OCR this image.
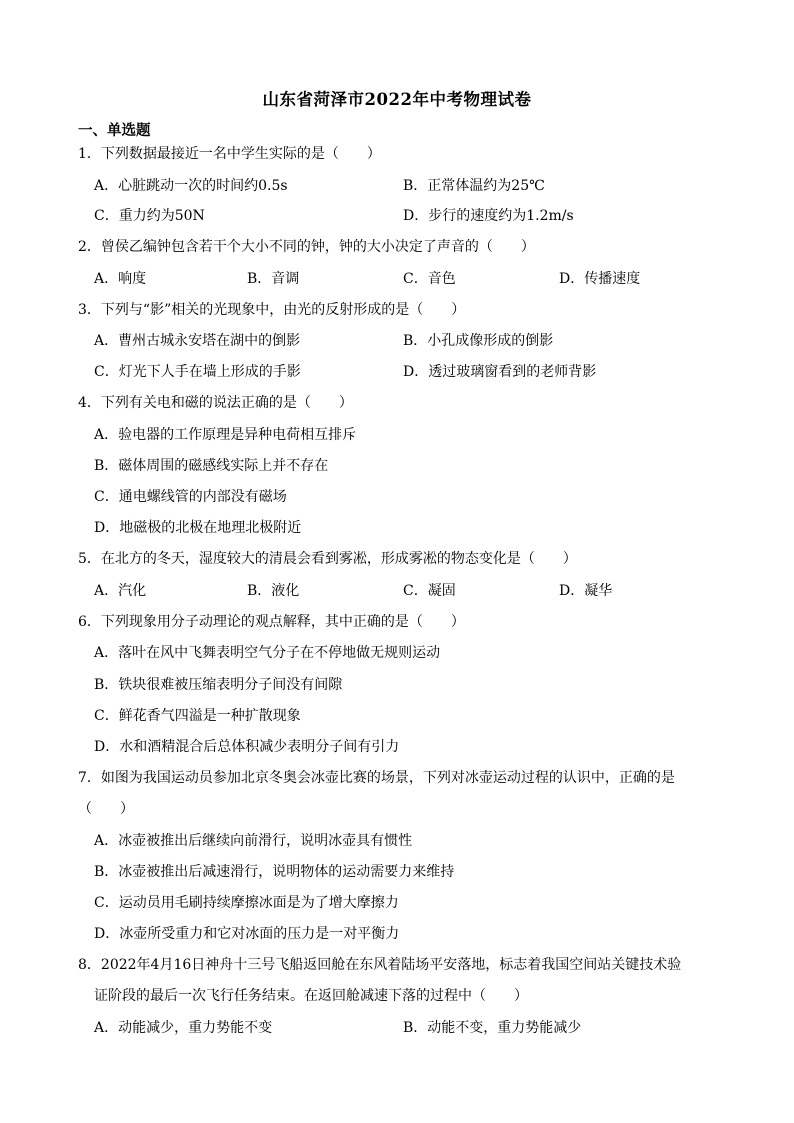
山东省菏泽市2022年中考物理试卷
一、单选题
1．下列数据最接近一名中学生实际的是（　　）
A．心脏跳动一次的时间约0.5s	B．正常体温约为25℃
C．重力约为50N	D．步行的速度约为1.2m/s
2．曾侯乙编钟包含若干个大小不同的钟，钟的大小决定了声音的（　　）
A．响度	B．音调	C．音色	D．传播速度
3．下列与“影”相关的光现象中，由光的反射形成的是（　　）
A．曹州古城永安塔在湖中的倒影	B．小孔成像形成的倒影
C．灯光下人手在墙上形成的手影	D．透过玻璃窗看到的老师背影
4．下列有关电和磁的说法正确的是（　　）
A．验电器的工作原理是异种电荷相互排斥
B．磁体周围的磁感线实际上并不存在
C．通电螺线管的内部没有磁场
D．地磁极的北极在地理北极附近
5．在北方的冬天，湿度较大的清晨会看到雾凇，形成雾凇的物态变化是（　　）
A．汽化	B．液化	C．凝固	D．凝华
6．下列现象用分子动理论的观点解释，其中正确的是（　　）
A．落叶在风中飞舞表明空气分子在不停地做无规则运动
B．铁块很难被压缩表明分子间没有间隙
C．鲜花香气四溢是一种扩散现象
D．水和酒精混合后总体积减少表明分子间有引力
7．如图为我国运动员参加北京冬奥会冰壶比赛的场景，下列对冰壶运动过程的认识中，正确的是
（　　）
A．冰壶被推出后继续向前滑行，说明冰壶具有惯性
B．冰壶被推出后减速滑行，说明物体的运动需要力来维持
C．运动员用毛刷持续摩擦冰面是为了增大摩擦力
D．冰壶所受重力和它对冰面的压力是一对平衡力
8．2022年4月16日神舟十三号飞船返回舱在东风着陆场平安落地，标志着我国空间站关键技术验
证阶段的最后一次飞行任务结束。在返回舱减速下落的过程中（　　）
A．动能减少，重力势能不变	B．动能不变，重力势能减少
